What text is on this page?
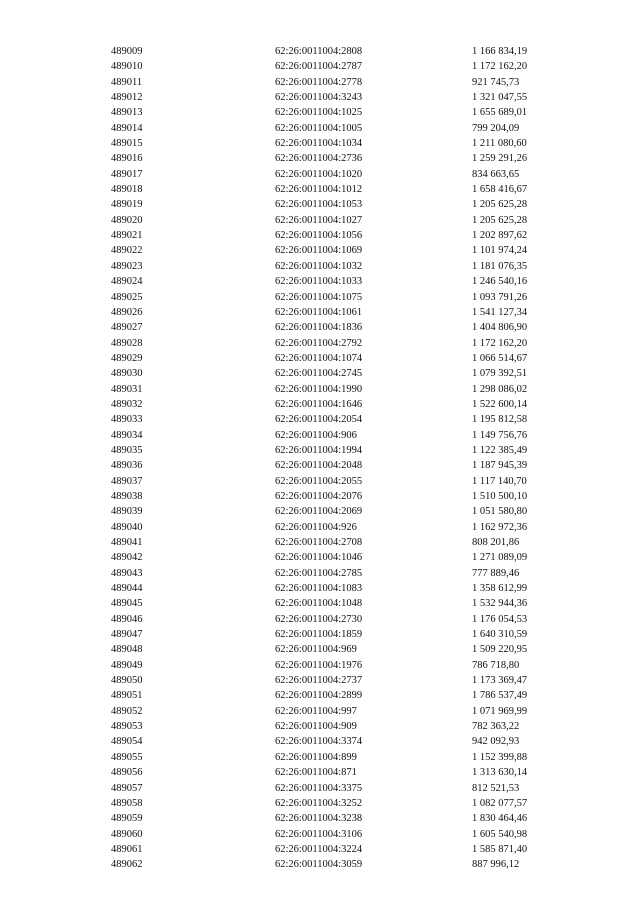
489009	62:26:0011004:2808	1 166 834,19
489010	62:26:0011004:2787	1 172 162,20
489011	62:26:0011004:2778	921 745,73
489012	62:26:0011004:3243	1 321 047,55
489013	62:26:0011004:1025	1 655 689,01
489014	62:26:0011004:1005	799 204,09
489015	62:26:0011004:1034	1 211 080,60
489016	62:26:0011004:2736	1 259 291,26
489017	62:26:0011004:1020	834 663,65
489018	62:26:0011004:1012	1 658 416,67
489019	62:26:0011004:1053	1 205 625,28
489020	62:26:0011004:1027	1 205 625,28
489021	62:26:0011004:1056	1 202 897,62
489022	62:26:0011004:1069	1 101 974,24
489023	62:26:0011004:1032	1 181 076,35
489024	62:26:0011004:1033	1 246 540,16
489025	62:26:0011004:1075	1 093 791,26
489026	62:26:0011004:1061	1 541 127,34
489027	62:26:0011004:1836	1 404 806,90
489028	62:26:0011004:2792	1 172 162,20
489029	62:26:0011004:1074	1 066 514,67
489030	62:26:0011004:2745	1 079 392,51
489031	62:26:0011004:1990	1 298 086,02
489032	62:26:0011004:1646	1 522 600,14
489033	62:26:0011004:2054	1 195 812,58
489034	62:26:0011004:906	1 149 756,76
489035	62:26:0011004:1994	1 122 385,49
489036	62:26:0011004:2048	1 187 945,39
489037	62:26:0011004:2055	1 117 140,70
489038	62:26:0011004:2076	1 510 500,10
489039	62:26:0011004:2069	1 051 580,80
489040	62:26:0011004:926	1 162 972,36
489041	62:26:0011004:2708	808 201,86
489042	62:26:0011004:1046	1 271 089,09
489043	62:26:0011004:2785	777 889,46
489044	62:26:0011004:1083	1 358 612,99
489045	62:26:0011004:1048	1 532 944,36
489046	62:26:0011004:2730	1 176 054,53
489047	62:26:0011004:1859	1 640 310,59
489048	62:26:0011004:969	1 509 220,95
489049	62:26:0011004:1976	786 718,80
489050	62:26:0011004:2737	1 173 369,47
489051	62:26:0011004:2899	1 786 537,49
489052	62:26:0011004:997	1 071 969,99
489053	62:26:0011004:909	782 363,22
489054	62:26:0011004:3374	942 092,93
489055	62:26:0011004:899	1 152 399,88
489056	62:26:0011004:871	1 313 630,14
489057	62:26:0011004:3375	812 521,53
489058	62:26:0011004:3252	1 082 077,57
489059	62:26:0011004:3238	1 830 464,46
489060	62:26:0011004:3106	1 605 540,98
489061	62:26:0011004:3224	1 585 871,40
489062	62:26:0011004:3059	887 996,12
